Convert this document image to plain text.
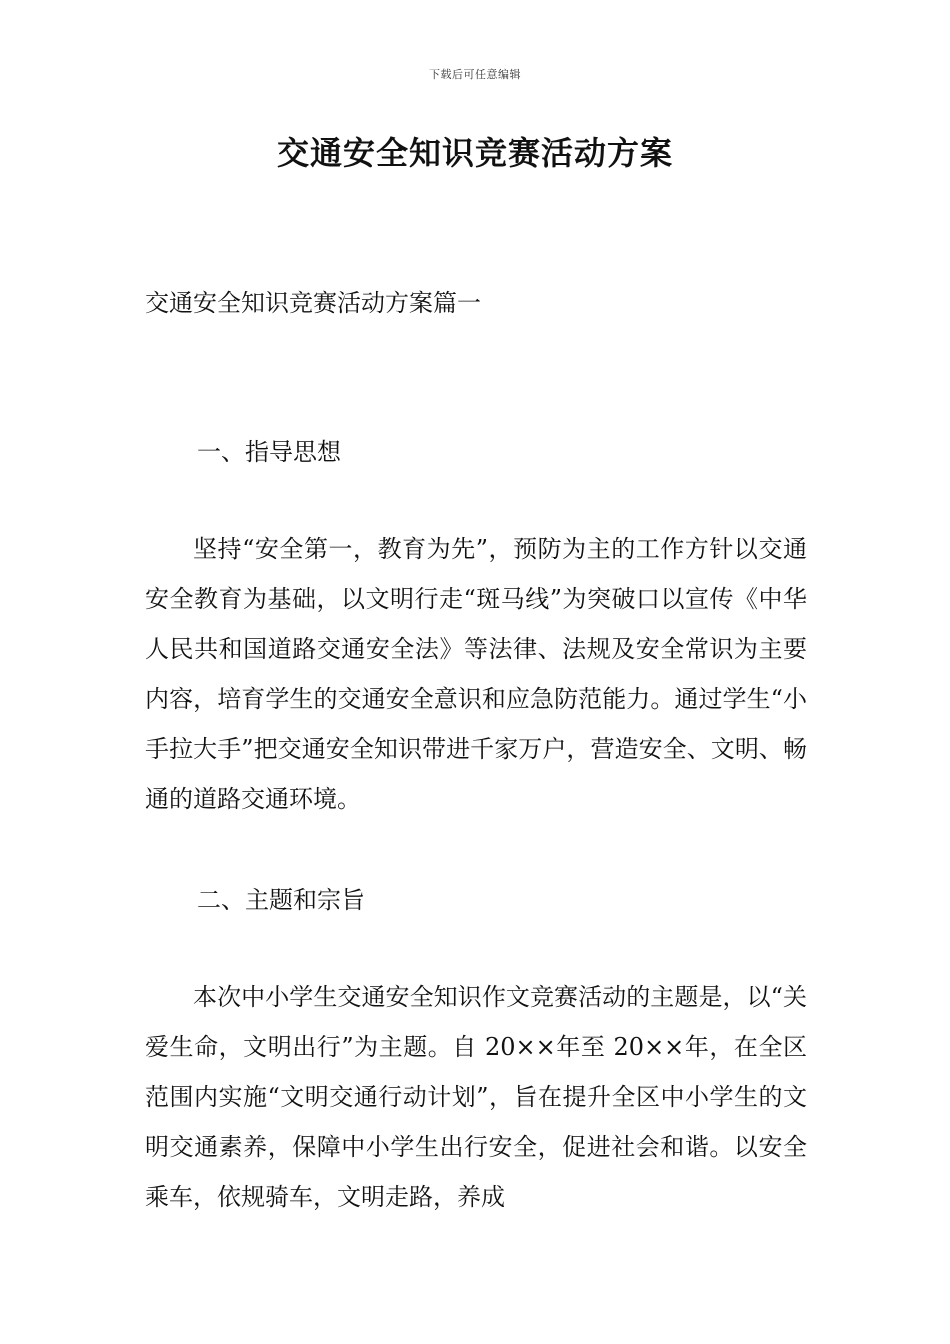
下载后可任意编辑
交通安全知识竞赛活动方案
交通安全知识竞赛活动方案篇一
一、指导思想

坚持“安全第一，教育为先”，预防为主的工作方针以交通安全教育为基础，以文明行走“斑马线”为突破口以宣传《中华人民共和国道路交通安全法》等法律、法规及安全常识为主要内容，培育学生的交通安全意识和应急防范能力。通过学生“小手拉大手”把交通安全知识带进千家万户，营造安全、文明、畅通的道路交通环境。

二、主题和宗旨

本次中小学生交通安全知识作文竞赛活动的主题是，以“关爱生命，文明出行”为主题。自 20××年至 20××年，在全区范围内实施“文明交通行动计划”，旨在提升全区中小学生的文明交通素养，保障中小学生出行安全，促进社会和谐。以安全乘车，依规骑车，文明走路，养成
